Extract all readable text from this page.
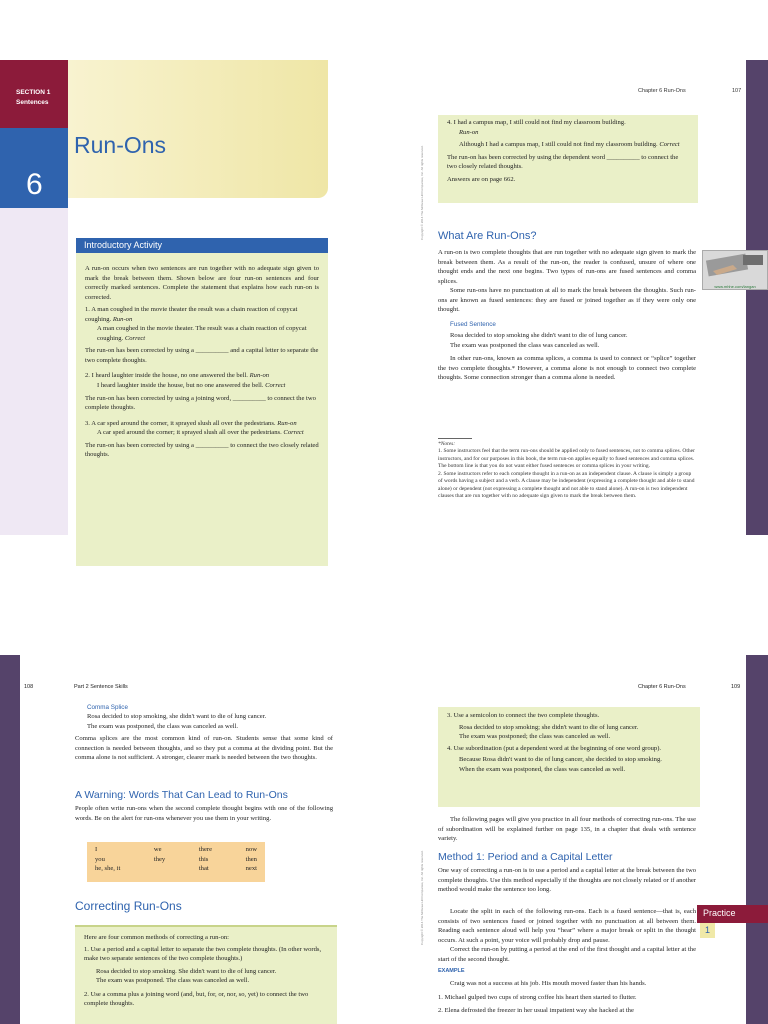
SECTION 1
Sentences
6
Run-Ons
Introductory Activity

A run-on occurs when two sentences are run together with no adequate sign given to mark the break between them. Shown below are four run-on sentences and four correctly marked sentences. Complete the statement that explains how each run-on is corrected.

1. A man coughed in the movie theater the result was a chain reaction of copycat coughing. Run-on

A man coughed in the movie theater. The result was a chain reaction of copycat coughing. Correct

The run-on has been corrected by using a __________ and a capital letter to separate the two complete thoughts.

2. I heard laughter inside the house, no one answered the bell. Run-on

I heard laughter inside the house, but no one answered the bell. Correct

The run-on has been corrected by using a joining word, __________ to connect the two complete thoughts.

3. A car sped around the corner, it sprayed slush all over the pedestrians. Run-on

A car sped around the corner; it sprayed slush all over the pedestrians. Correct

The run-on has been corrected by using a __________ to connect the two closely related thoughts.

Copyright © 2014 The McGraw-Hill Companies, Inc. All rights reserved.
Chapter 6 Run-Ons	107

4. I had a campus map, I still could not find my classroom building.

Run-on

Although I had a campus map, I still could not find my classroom building. Correct

The run-on has been corrected by using the dependent word __________ to connect the two closely related thoughts.

Answers are on page 662.

What Are Run-Ons?

A run-on is two complete thoughts that are run together with no adequate sign given to mark the break between them. As a result of the run-on, the reader is confused, unsure of where one thought ends and the next one begins. Two types of run-ons are fused sentences and comma splices.

Some run-ons have no punctuation at all to mark the break between the thoughts. Such run-ons are known as fused sentences: they are fused or joined together as if they were only one thought.

Fused Sentence

Rosa decided to stop smoking she didn't want to die of lung cancer.

The exam was postponed the class was canceled as well.

In other run-ons, known as comma splices, a comma is used to connect or “splice” together the two complete thoughts.* However, a comma alone is not enough to connect two complete thoughts. Some connection stronger than a comma alone is needed.

*Notes:

1. Some instructors feel that the term run-ons should be applied only to fused sentences, not to comma splices. Other instructors, and for our purposes in this book, the term run-on applies equally to fused sentences and comma splices. The bottom line is that you do not want either fused sentences or comma splices in your writing.

2. Some instructors refer to each complete thought in a run-on as an independent clause. A clause is simply a group of words having a subject and a verb. A clause may be independent (expressing a complete thought and able to stand alone) or dependent (not expressing a complete thought and not able to stand alone). A run-on is two independent clauses that are run together with no adequate sign given to mark the break between them.

www.mhhe.com/langan
108	Part 2 Sentence Skills

Comma Splice

Rosa decided to stop smoking, she didn't want to die of lung cancer.

The exam was postponed, the class was canceled as well.

Comma splices are the most common kind of run-on. Students sense that some kind of connection is needed between thoughts, and so they put a comma at the dividing point. But the comma alone is not sufficient. A stronger, clearer mark is needed between the two thoughts.

A Warning: Words That Can Lead to Run-Ons
People often write run-ons when the second complete thought begins with one of the following words. Be on the alert for run-ons whenever you use them in your writing.
I
you
he, she, it
we
they
there
this
that
now
then
next
Correcting Run-Ons

Here are four common methods of correcting a run-on:

1. Use a period and a capital letter to separate the two complete thoughts. (In other words, make two separate sentences of the two complete thoughts.)

Rosa decided to stop smoking. She didn't want to die of lung cancer.

The exam was postponed. The class was canceled as well.

2. Use a comma plus a joining word (and, but, for, or, nor, so, yet) to connect the two complete thoughts.

Copyright © 2014 The McGraw-Hill Companies, Inc. All rights reserved.
Chapter 6 Run-Ons	109

3. Use a semicolon to connect the two complete thoughts.

Rosa decided to stop smoking; she didn't want to die of lung cancer.

The exam was postponed; the class was canceled as well.

4. Use subordination (put a dependent word at the beginning of one word group).

Because Rosa didn't want to die of lung cancer, she decided to stop smoking.

When the exam was postponed, the class was canceled as well.

The following pages will give you practice in all four methods of correcting run-ons. The use of subordination will be explained further on page 135, in a chapter that deals with sentence variety.
Method 1: Period and a Capital Letter
One way of correcting a run-on is to use a period and a capital letter at the break between the two complete thoughts. Use this method especially if the thoughts are not closely related or if another method would make the sentence too long.
Practice
1

Locate the split in each of the following run-ons. Each is a fused sentence—that is, each consists of two sentences fused or joined together with no punctuation at all between them. Reading each sentence aloud will help you “hear” where a major break or split in the thought occurs. At such a point, your voice will probably drop and pause.

Correct the run-on by putting a period at the end of the first thought and a capital letter at the start of the second thought.

EXAMPLE

Craig was not a success at his job. His mouth moved faster than his hands.

1. Michael gulped two cups of strong coffee his heart then started to flutter.

2. Elena defrosted the freezer in her usual impatient way she hacked at the
